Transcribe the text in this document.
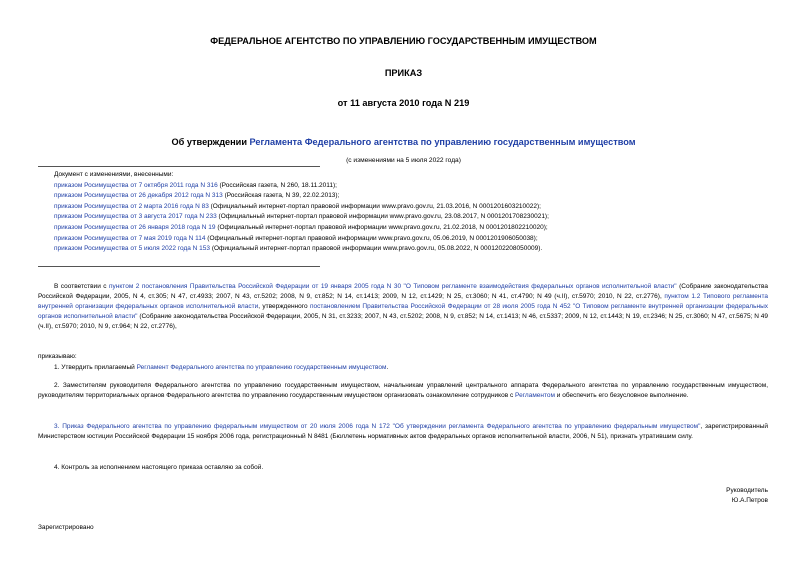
ФЕДЕРАЛЬНОЕ АГЕНТСТВО ПО УПРАВЛЕНИЮ ГОСУДАРСТВЕННЫМ ИМУЩЕСТВОМ
ПРИКАЗ
от 11 августа 2010 года N 219
Об утверждении Регламента Федерального агентства по управлению государственным имуществом
(с изменениями на 5 июля 2022 года)
Документ с изменениями, внесенными:
приказом Росимущества от 7 октября 2011 года N 316 (Российская газета, N 260, 18.11.2011);
приказом Росимущества от 26 декабря 2012 года N 313 (Российская газета, N 39, 22.02.2013);
приказом Росимущества от 2 марта 2016 года N 83 (Официальный интернет-портал правовой информации www.pravo.gov.ru, 21.03.2016, N 0001201603210022);
приказом Росимущества от 3 августа 2017 года N 233 (Официальный интернет-портал правовой информации www.pravo.gov.ru, 23.08.2017, N 0001201708230021);
приказом Росимущества от 26 января 2018 года N 19 (Официальный интернет-портал правовой информации www.pravo.gov.ru, 21.02.2018, N 0001201802210020);
приказом Росимущества от 7 мая 2019 года N 114 (Официальный интернет-портал правовой информации www.pravo.gov.ru, 05.06.2019, N 0001201906050038);
приказом Росимущества от 5 июля 2022 года N 153 (Официальный интернет-портал правовой информации www.pravo.gov.ru, 05.08.2022, N 0001202208050009).
В соответствии с пунктом 2 постановления Правительства Российской Федерации от 19 января 2005 года N 30 "О Типовом регламенте взаимодействия федеральных органов исполнительной власти" (Собрание законодательства Российской Федерации, 2005, N 4, ст.305; N 47, ст.4933; 2007, N 43, ст.5202; 2008, N 9, ст.852; N 14, ст.1413; 2009, N 12, ст.1429; N 25, ст.3060; N 41, ст.4790; N 49 (ч.II), ст.5970; 2010, N 22, ст.2776), пунктом 1.2 Типового регламента внутренней организации федеральных органов исполнительной власти, утвержденного постановлением Правительства Российской Федерации от 28 июля 2005 года N 452 "О Типовом регламенте внутренней организации федеральных органов исполнительной власти" (Собрание законодательства Российской Федерации, 2005, N 31, ст.3233; 2007, N 43, ст.5202; 2008, N 9, ст.852; N 14, ст.1413; N 46, ст.5337; 2009, N 12, ст.1443; N 19, ст.2346; N 25, ст.3060; N 47, ст.5675; N 49 (ч.II), ст.5970; 2010, N 9, ст.964; N 22, ст.2776),
приказываю:
1. Утвердить прилагаемый Регламент Федерального агентства по управлению государственным имуществом.
2. Заместителям руководителя Федерального агентства по управлению государственным имуществом, начальникам управлений центрального аппарата Федерального агентства по управлению государственным имуществом, руководителям территориальных органов Федерального агентства по управлению государственным имуществом организовать ознакомление сотрудников с Регламентом и обеспечить его безусловное выполнение.
3. Приказ Федерального агентства по управлению федеральным имуществом от 20 июля 2006 года N 172 "Об утверждении регламента Федерального агентства по управлению федеральным имуществом", зарегистрированный Министерством юстиции Российской Федерации 15 ноября 2006 года, регистрационный N 8481 (Бюллетень нормативных актов федеральных органов исполнительной власти, 2006, N 51), признать утратившим силу.
4. Контроль за исполнением настоящего приказа оставляю за собой.
Руководитель
Ю.А.Петров
Зарегистрировано
